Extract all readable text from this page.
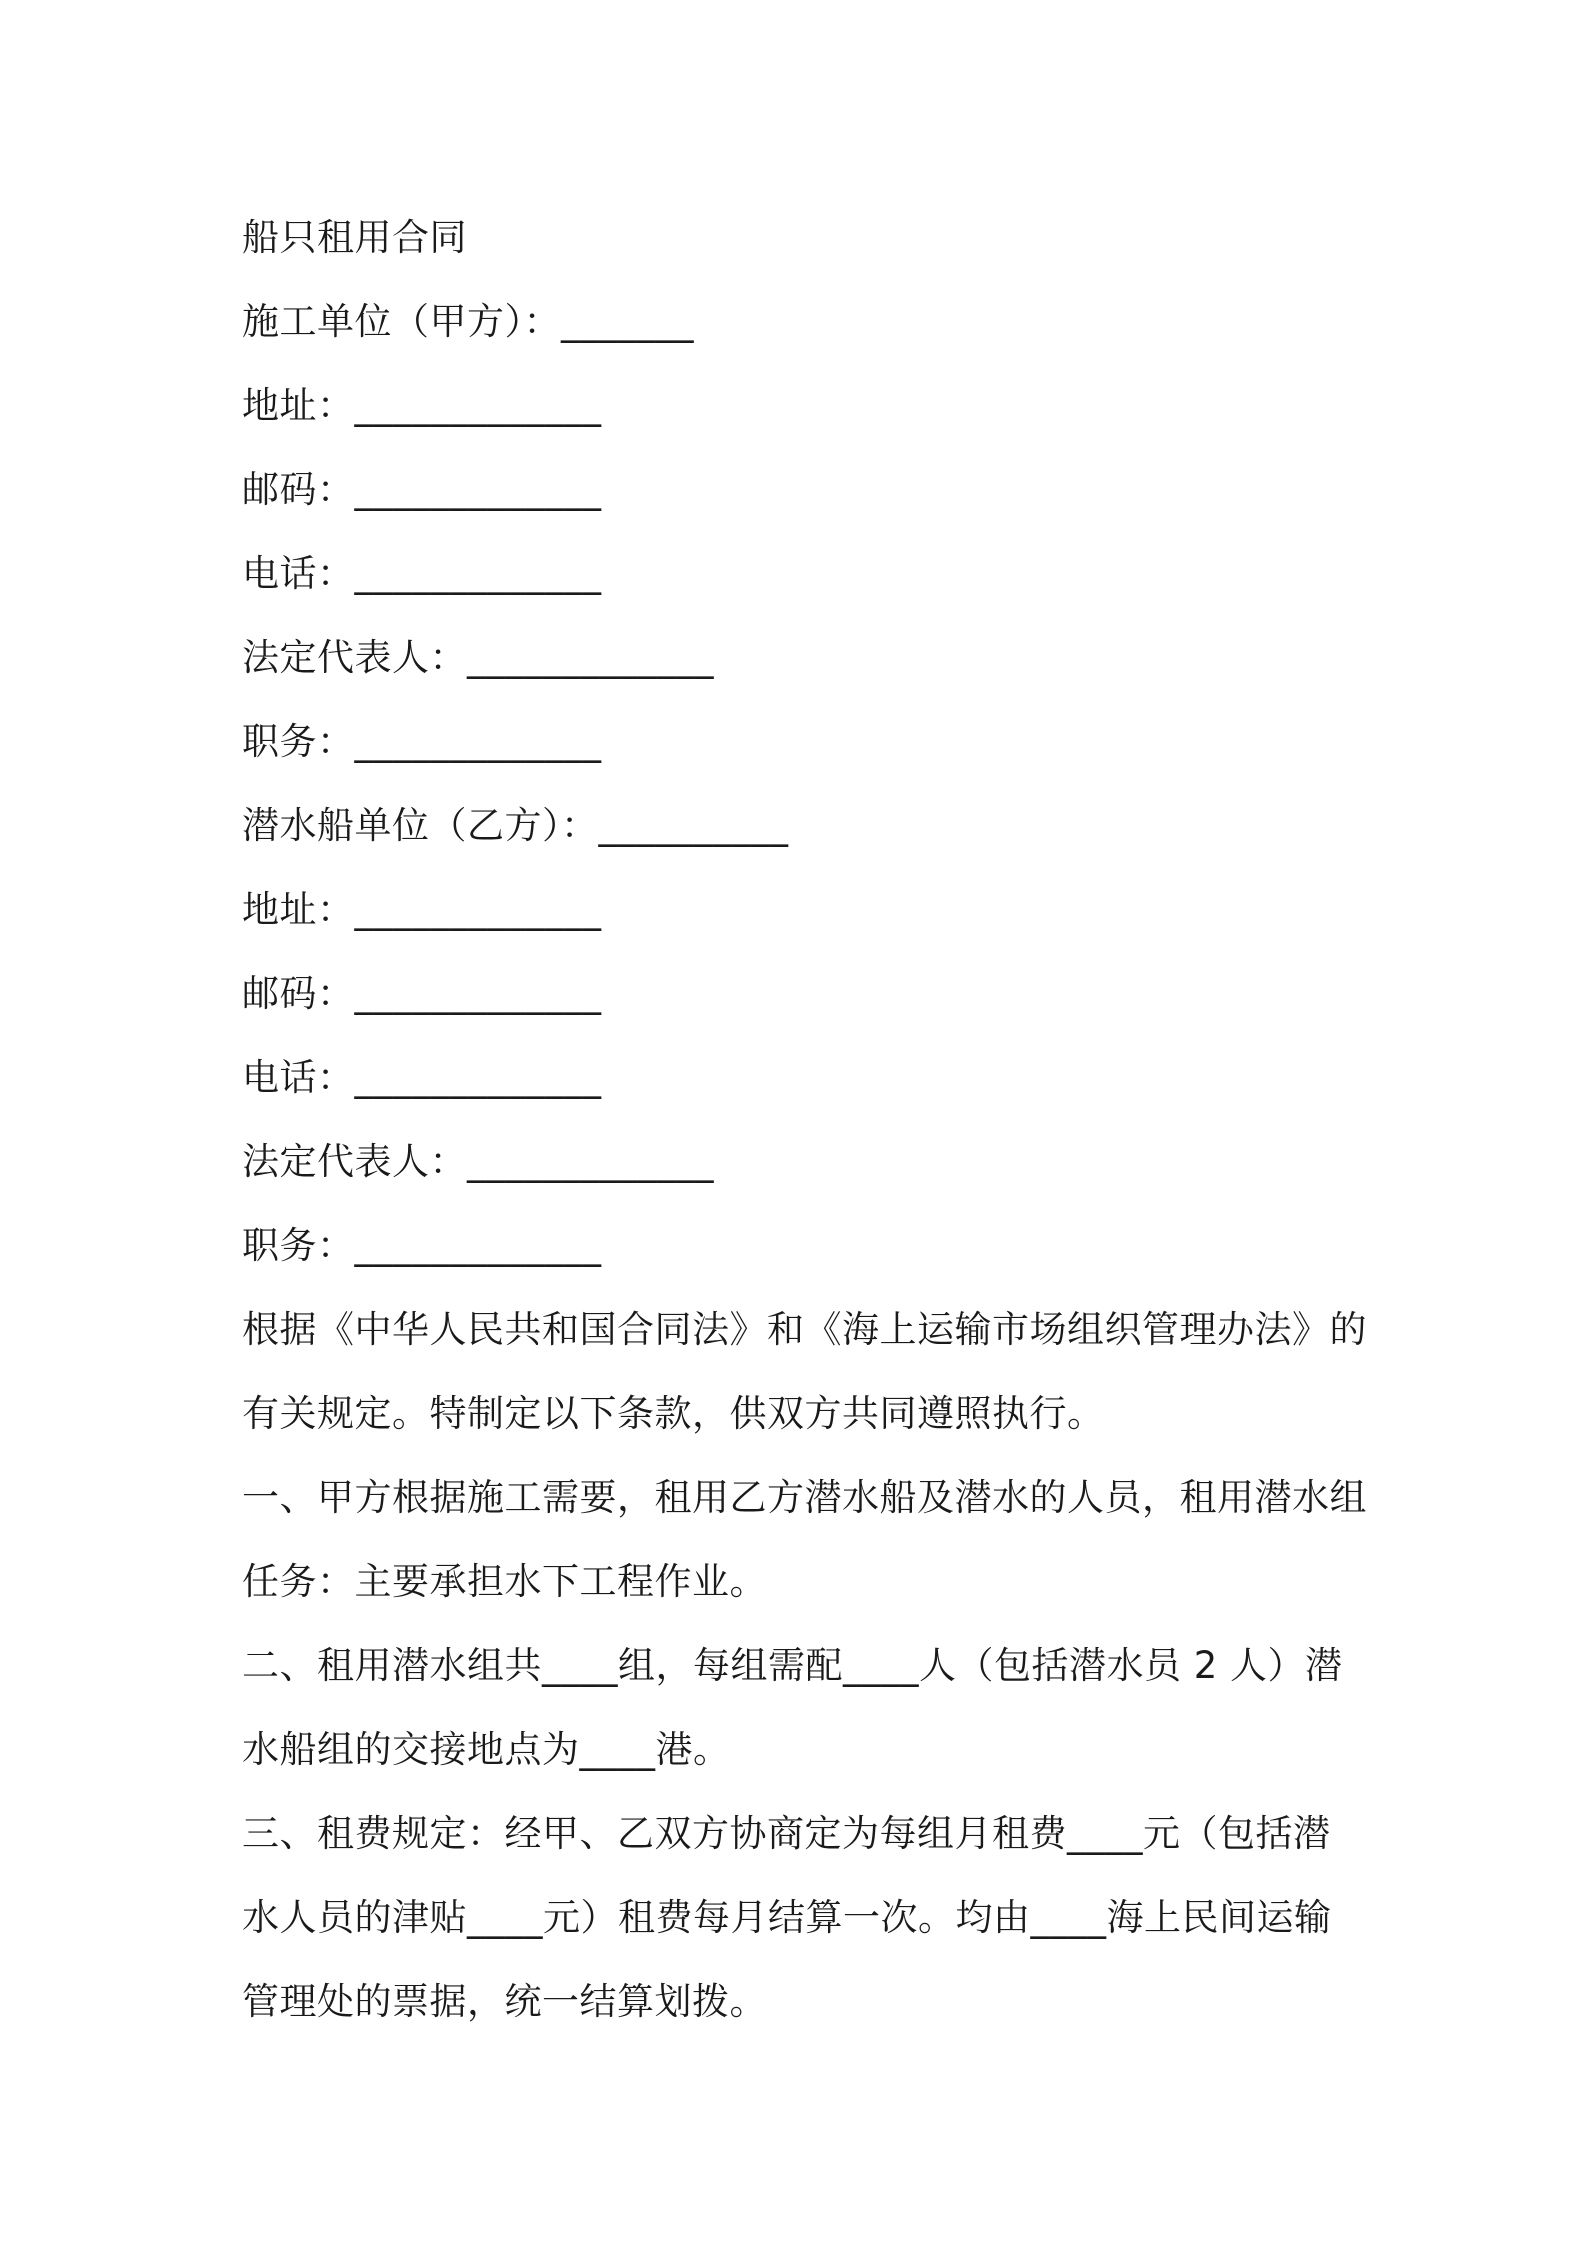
船只租用合同
施工单位（甲方）：_______
地址：_____________
邮码：_____________
电话：_____________
法定代表人：_____________
职务：_____________
潜水船单位（乙方）：__________
地址：_____________
邮码：_____________
电话：_____________
法定代表人：_____________
职务：_____________

根据《中华人民共和国合同法》和《海上运输市场组织管理办法》的

有关规定。特制定以下条款，供双方共同遵照执行。

一、甲方根据施工需要，租用乙方潜水船及潜水的人员，租用潜水组

任务：主要承担水下工程作业。

二、租用潜水组共____组，每组需配____人（包括潜水员 2 人）潜

水船组的交接地点为____港。

三、租费规定：经甲、乙双方协商定为每组月租费____元（包括潜

水人员的津贴____元）租费每月结算一次。均由____海上民间运输

管理处的票据，统一结算划拨。
